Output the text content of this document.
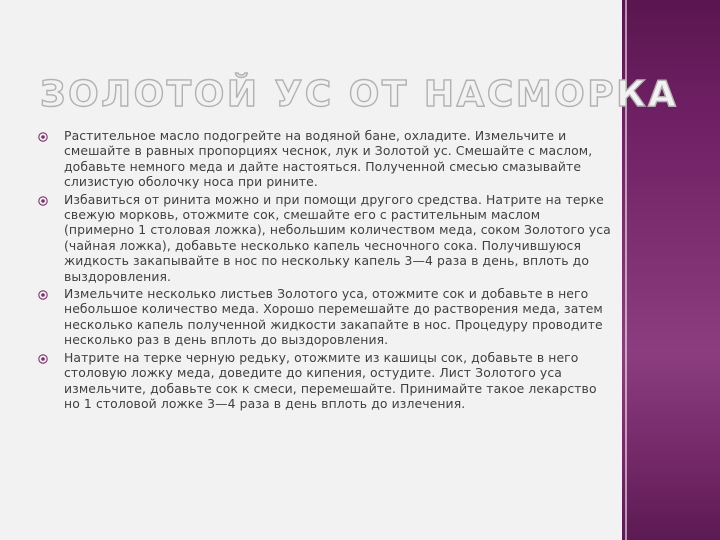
ЗОЛОТОЙ УС ОТ НАСМОРКА
Растительное масло подогрейте на водяной бане, охладите. Измельчите и смешайте в равных пропорциях чеснок, лук и Золотой ус. Смешайте с маслом, добавьте немного меда и дайте настояться. Полученной смесью смазывайте слизистую оболочку носа при рините.
Избавиться от ринита можно и при помощи другого средства. Натрите на терке свежую морковь, отожмите сок, смешайте его с растительным маслом (примерно 1 столовая ложка), небольшим количеством меда, соком Золотого уса (чайная ложка), добавьте несколько капель чесночного сока. Получившуюся жидкость закапывайте в нос по нескольку капель 3—4 раза в день, вплоть до выздоровления.
Измельчите несколько листьев Золотого уса, отожмите сок и добавьте в него небольшое количество меда. Хорошо перемешайте до растворения меда, затем несколько капель полученной жидкости закапайте в нос. Процедуру проводите несколько раз в день вплоть до выздоровления.
Натрите на терке черную редьку, отожмите из кашицы сок, добавьте в него столовую ложку меда, доведите до кипения, остудите. Лист Золотого уса измельчите, добавьте сок к смеси, перемешайте. Принимайте такое лекарство но 1 столовой ложке 3—4 раза в день вплоть до излечения.
